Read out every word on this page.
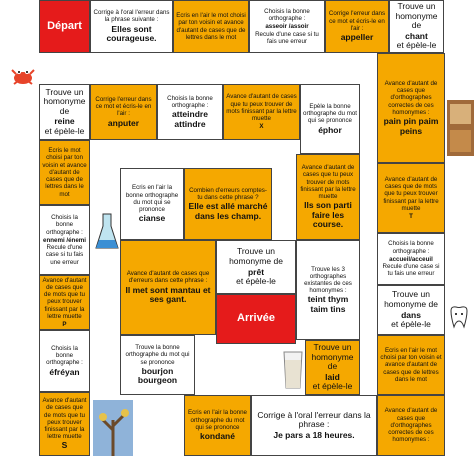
Départ
Corrige à l'oral l'erreur dans la phrase suivante :
Elles sont courageuse.
Ecris en l'air le mot choisi par ton voisin et avance d'autant de cases que de lettres dans le mot
Choisis la bonne orthographe :
asseoir /assoir
Recule d'une case si tu fais une erreur
Corrige l'erreur dans ce mot et écris-le en l'air :
appeller
Trouve un homonyme de
chant
et épèle-le
Avance d'autant de cases que d'orthographes correctes de ces homonymes :
pain pin paim peins
Trouve un homonyme de
reine
et épèle-le
Corrige l'erreur dans ce mot et écris-le en l'air :
anputer
Choisis la bonne orthographe :
atteindre attindre
Avance d'autant de cases que tu peux trouver de mots finissant par la lettre muette
X
Epèle la bonne orthographe du mot qui se prononce
éphor
Ecris le mot choisi par ton voisin et avance d'autant de cases que de lettres dans le mot
Choisis la bonne orthographe :
ennemi /énemi
Recule d'une case si tu fais une erreur
Avance d'autant de cases que de mots que tu peux trouver finissant par la lettre muette
P
Choisis la bonne orthographe :
éfréyan
Avance d'autant de cases que de mots que tu peux trouver finissant par la lettre muette
S
Ecris en l'air la bonne orthographe du mot qui se prononce
cianse
Combien d'erreurs comptes-tu dans cette phrase ?
Elle est allé marché dans les champ.
Avance d'autant de cases que tu peux trouver de mots finissant par la lettre muette
Ils son parti faire les course.
Avance d'autant de cases que de mots que tu peux trouver finissant par la lettre muette
T
Trouve un homonyme de
prêt
et épèle-le
Trouve les 3 orthographes existantes de ces homonymes :
teint thym taim tins
Choisis la bonne orthographe :
accueil/acceuil
Recule d'une case si tu fais une erreur
Avance d'autant de cases que d'erreurs dans cette phrase :
Il met sont mantau et ses gant.
Arrivée
Trouve un homonyme de
dans
et épèle-le
Trouve la bonne orthographe du mot qui se prononce
bourjon bourgeon
Trouve un homonyme de
laid
et épèle-le
Ecris en l'air le mot choisi par ton voisin et avance d'autant de cases que de lettres dans le mot
Ecris en l'air la bonne orthographe du mot qui se prononce
kondané
Corrige à l'oral l'erreur dans la phrase :
Je pars a 18 heures.
Avance d'autant de cases que d'orthographes correctes de ces homonymes :
